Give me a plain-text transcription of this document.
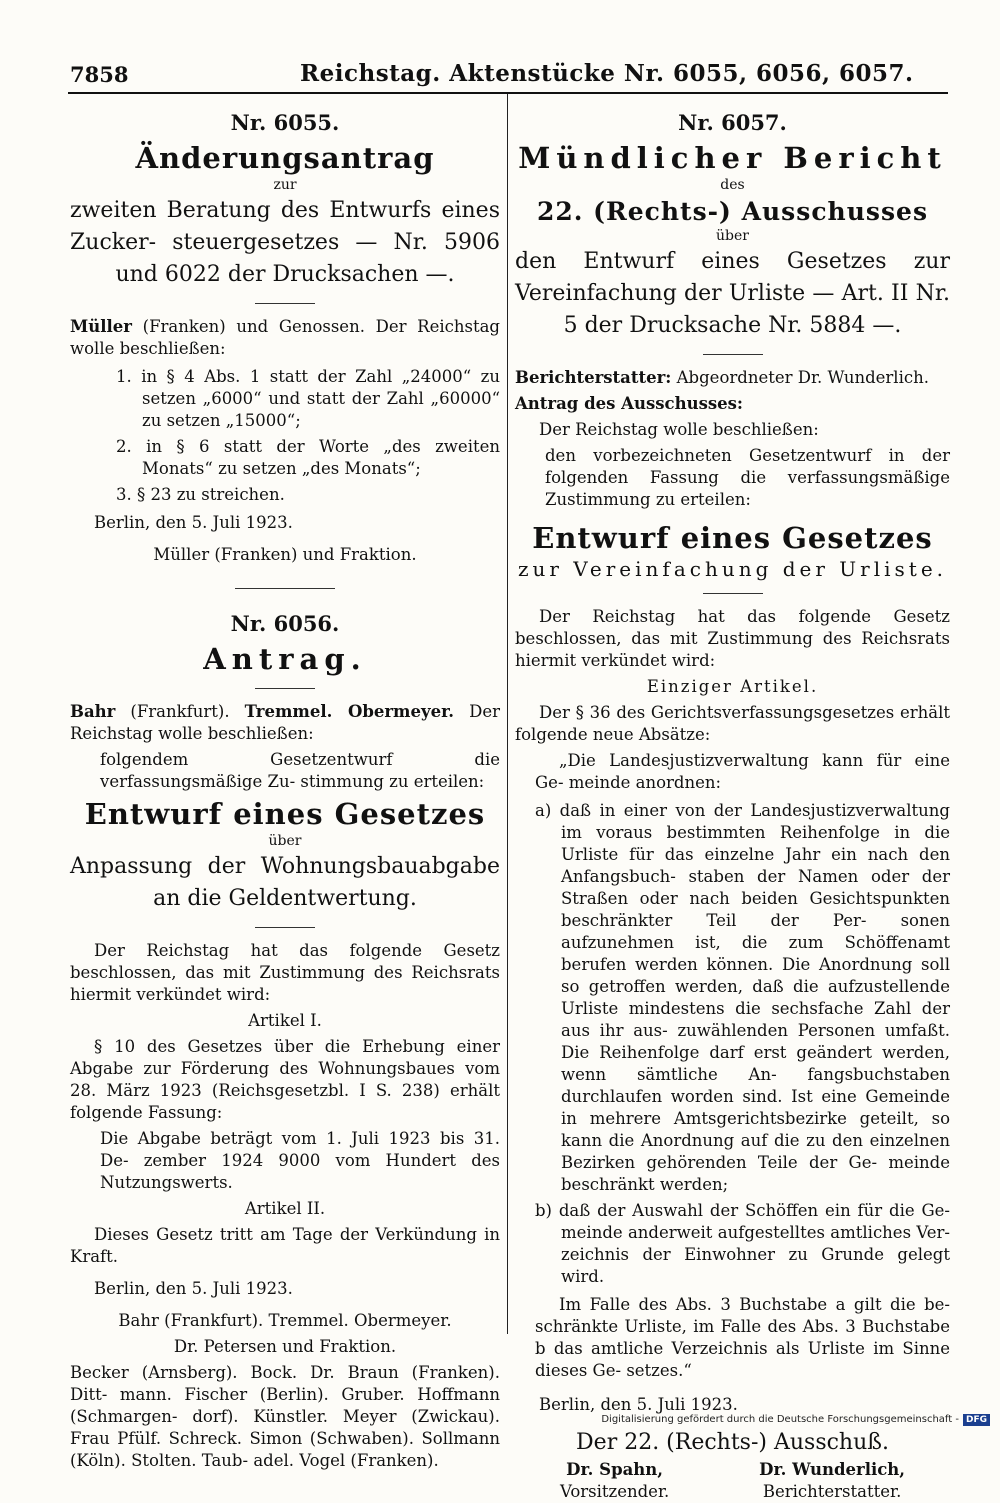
7858	Reichstag. Aktenstücke Nr. 6055, 6056, 6057.
Nr. 6055.
Änderungsantrag
zur
zweiten Beratung des Entwurfs eines Zucker- steuergesetzes — Nr. 5906 und 6022 der Drucksachen —.

Müller (Franken) und Genossen. Der Reichstag wolle beschließen:

1. in § 4 Abs. 1 statt der Zahl „24000“ zu setzen „6000“ und statt der Zahl „60000“ zu setzen „15000“;
2. in § 6 statt der Worte „des zweiten Monats“ zu setzen „des Monats“;
3. § 23 zu streichen.

Berlin, den 5. Juli 1923.

Müller (Franken) und Fraktion.

Nr. 6056.
Antrag.

Bahr (Frankfurt). Tremmel. Obermeyer. Der Reichstag wolle beschließen:

folgendem Gesetzentwurf die verfassungsmäßige Zu- stimmung zu erteilen:

Entwurf eines Gesetzes
über
Anpassung der Wohnungsbauabgabe an die Geldentwertung.

Der Reichstag hat das folgende Gesetz beschlossen, das mit Zustimmung des Reichsrats hiermit verkündet wird:

Artikel I.

§ 10 des Gesetzes über die Erhebung einer Abgabe zur Förderung des Wohnungsbaues vom 28. März 1923 (Reichsgesetzbl. I S. 238) erhält folgende Fassung:

Die Abgabe beträgt vom 1. Juli 1923 bis 31. De- zember 1924 9000 vom Hundert des Nutzungswerts.

Artikel II.

Dieses Gesetz tritt am Tage der Verkündung in Kraft.

Berlin, den 5. Juli 1923.

Bahr (Frankfurt). Tremmel. Obermeyer.

Dr. Petersen und Fraktion.

Becker (Arnsberg). Bock. Dr. Braun (Franken). Ditt- mann. Fischer (Berlin). Gruber. Hoffmann (Schmargen- dorf). Künstler. Meyer (Zwickau). Frau Pfülf. Schreck. Simon (Schwaben). Sollmann (Köln). Stolten. Taub- adel. Vogel (Franken).

Nr. 6057.
Mündlicher Bericht
des
22. (Rechts-) Ausschusses
über
den Entwurf eines Gesetzes zur Vereinfachung der Urliste — Art. II Nr. 5 der Drucksache Nr. 5884 —.

Berichterstatter: Abgeordneter Dr. Wunderlich.

Antrag des Ausschusses:

Der Reichstag wolle beschließen:

den vorbezeichneten Gesetzentwurf in der folgenden Fassung die verfassungsmäßige Zustimmung zu erteilen:

Entwurf eines Gesetzes
zur Vereinfachung der Urliste.

Der Reichstag hat das folgende Gesetz beschlossen, das mit Zustimmung des Reichsrats hiermit verkündet wird:

Einziger Artikel.

Der § 36 des Gerichtsverfassungsgesetzes erhält folgende neue Absätze:

„Die Landesjustizverwaltung kann für eine Ge- meinde anordnen:

a) daß in einer von der Landesjustizverwaltung im voraus bestimmten Reihenfolge in die Urliste für das einzelne Jahr ein nach den Anfangsbuch- staben der Namen oder der Straßen oder nach beiden Gesichtspunkten beschränkter Teil der Per- sonen aufzunehmen ist, die zum Schöffenamt berufen werden können. Die Anordnung soll so getroffen werden, daß die aufzustellende Urliste mindestens die sechsfache Zahl der aus ihr aus- zuwählenden Personen umfaßt. Die Reihenfolge darf erst geändert werden, wenn sämtliche An- fangsbuchstaben durchlaufen worden sind. Ist eine Gemeinde in mehrere Amtsgerichtsbezirke geteilt, so kann die Anordnung auf die zu den einzelnen Bezirken gehörenden Teile der Ge- meinde beschränkt werden;
b) daß der Auswahl der Schöffen ein für die Ge- meinde anderweit aufgestelltes amtliches Ver- zeichnis der Einwohner zu Grunde gelegt wird.

Im Falle des Abs. 3 Buchstabe a gilt die be- schränkte Urliste, im Falle des Abs. 3 Buchstabe b das amtliche Verzeichnis als Urliste im Sinne dieses Ge- setzes.“

Berlin, den 5. Juli 1923.

Der 22. (Rechts-) Ausschuß.
Dr. Spahn,
Vorsitzender.
Dr. Wunderlich,
Berichterstatter.
Digitalisierung gefördert durch die Deutsche Forschungsgemeinschaft - DFG
